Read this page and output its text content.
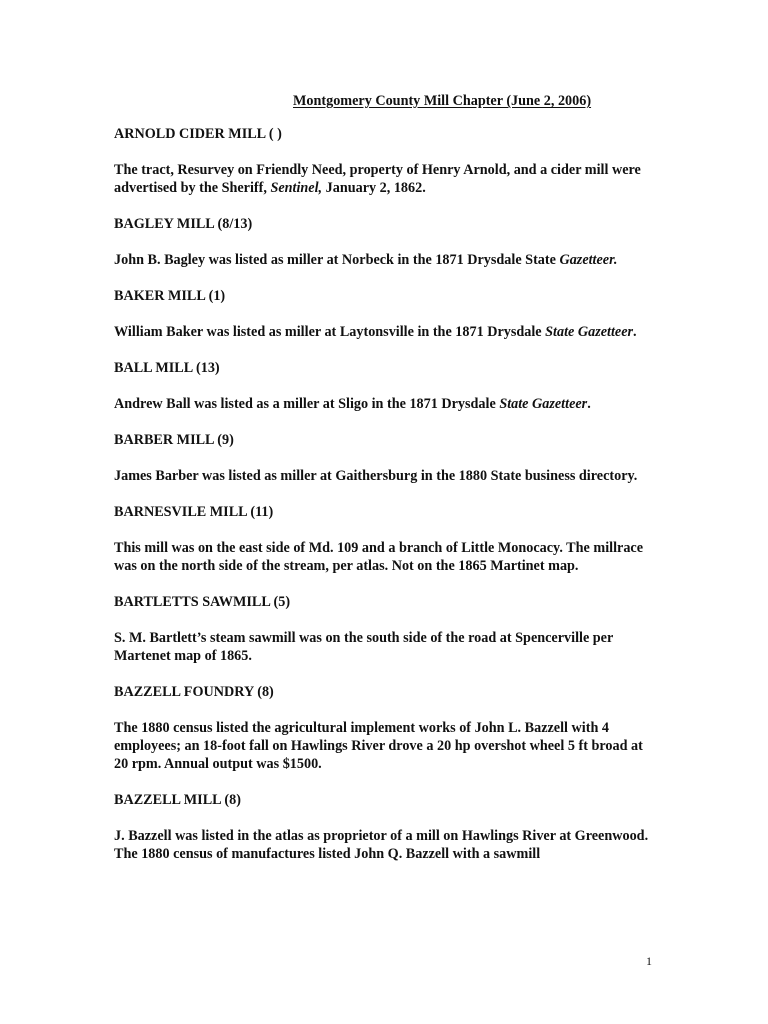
Montgomery County Mill Chapter (June 2, 2006)
ARNOLD CIDER MILL ( )
The tract, Resurvey on Friendly Need, property of Henry Arnold, and a cider mill were advertised by the Sheriff, Sentinel, January 2, 1862.
BAGLEY MILL (8/13)
John B. Bagley was listed as miller at Norbeck in the 1871 Drysdale State Gazetteer.
BAKER MILL (1)
William Baker was listed as miller at Laytonsville in the 1871 Drysdale State Gazetteer.
BALL MILL (13)
Andrew Ball was listed as a miller at Sligo in the 1871 Drysdale State Gazetteer.
BARBER MILL (9)
James Barber was listed as miller at Gaithersburg in the 1880 State business directory.
BARNESVILE MILL (11)
This mill was on the east side of Md. 109 and a branch of Little Monocacy. The millrace was on the north side of the stream, per atlas. Not on the 1865 Martinet map.
BARTLETTS SAWMILL (5)
S. M. Bartlett’s steam sawmill was on the south side of the road at Spencerville per Martenet map of 1865.
BAZZELL FOUNDRY (8)
The 1880 census listed the agricultural implement works of John L. Bazzell with 4 employees; an 18-foot fall on Hawlings River drove a 20 hp overshot wheel 5 ft broad at 20 rpm. Annual output was $1500.
BAZZELL MILL (8)
J. Bazzell was listed in the atlas as proprietor of a mill on Hawlings River at Greenwood. The 1880 census of manufactures listed John Q. Bazzell with a sawmill
1
